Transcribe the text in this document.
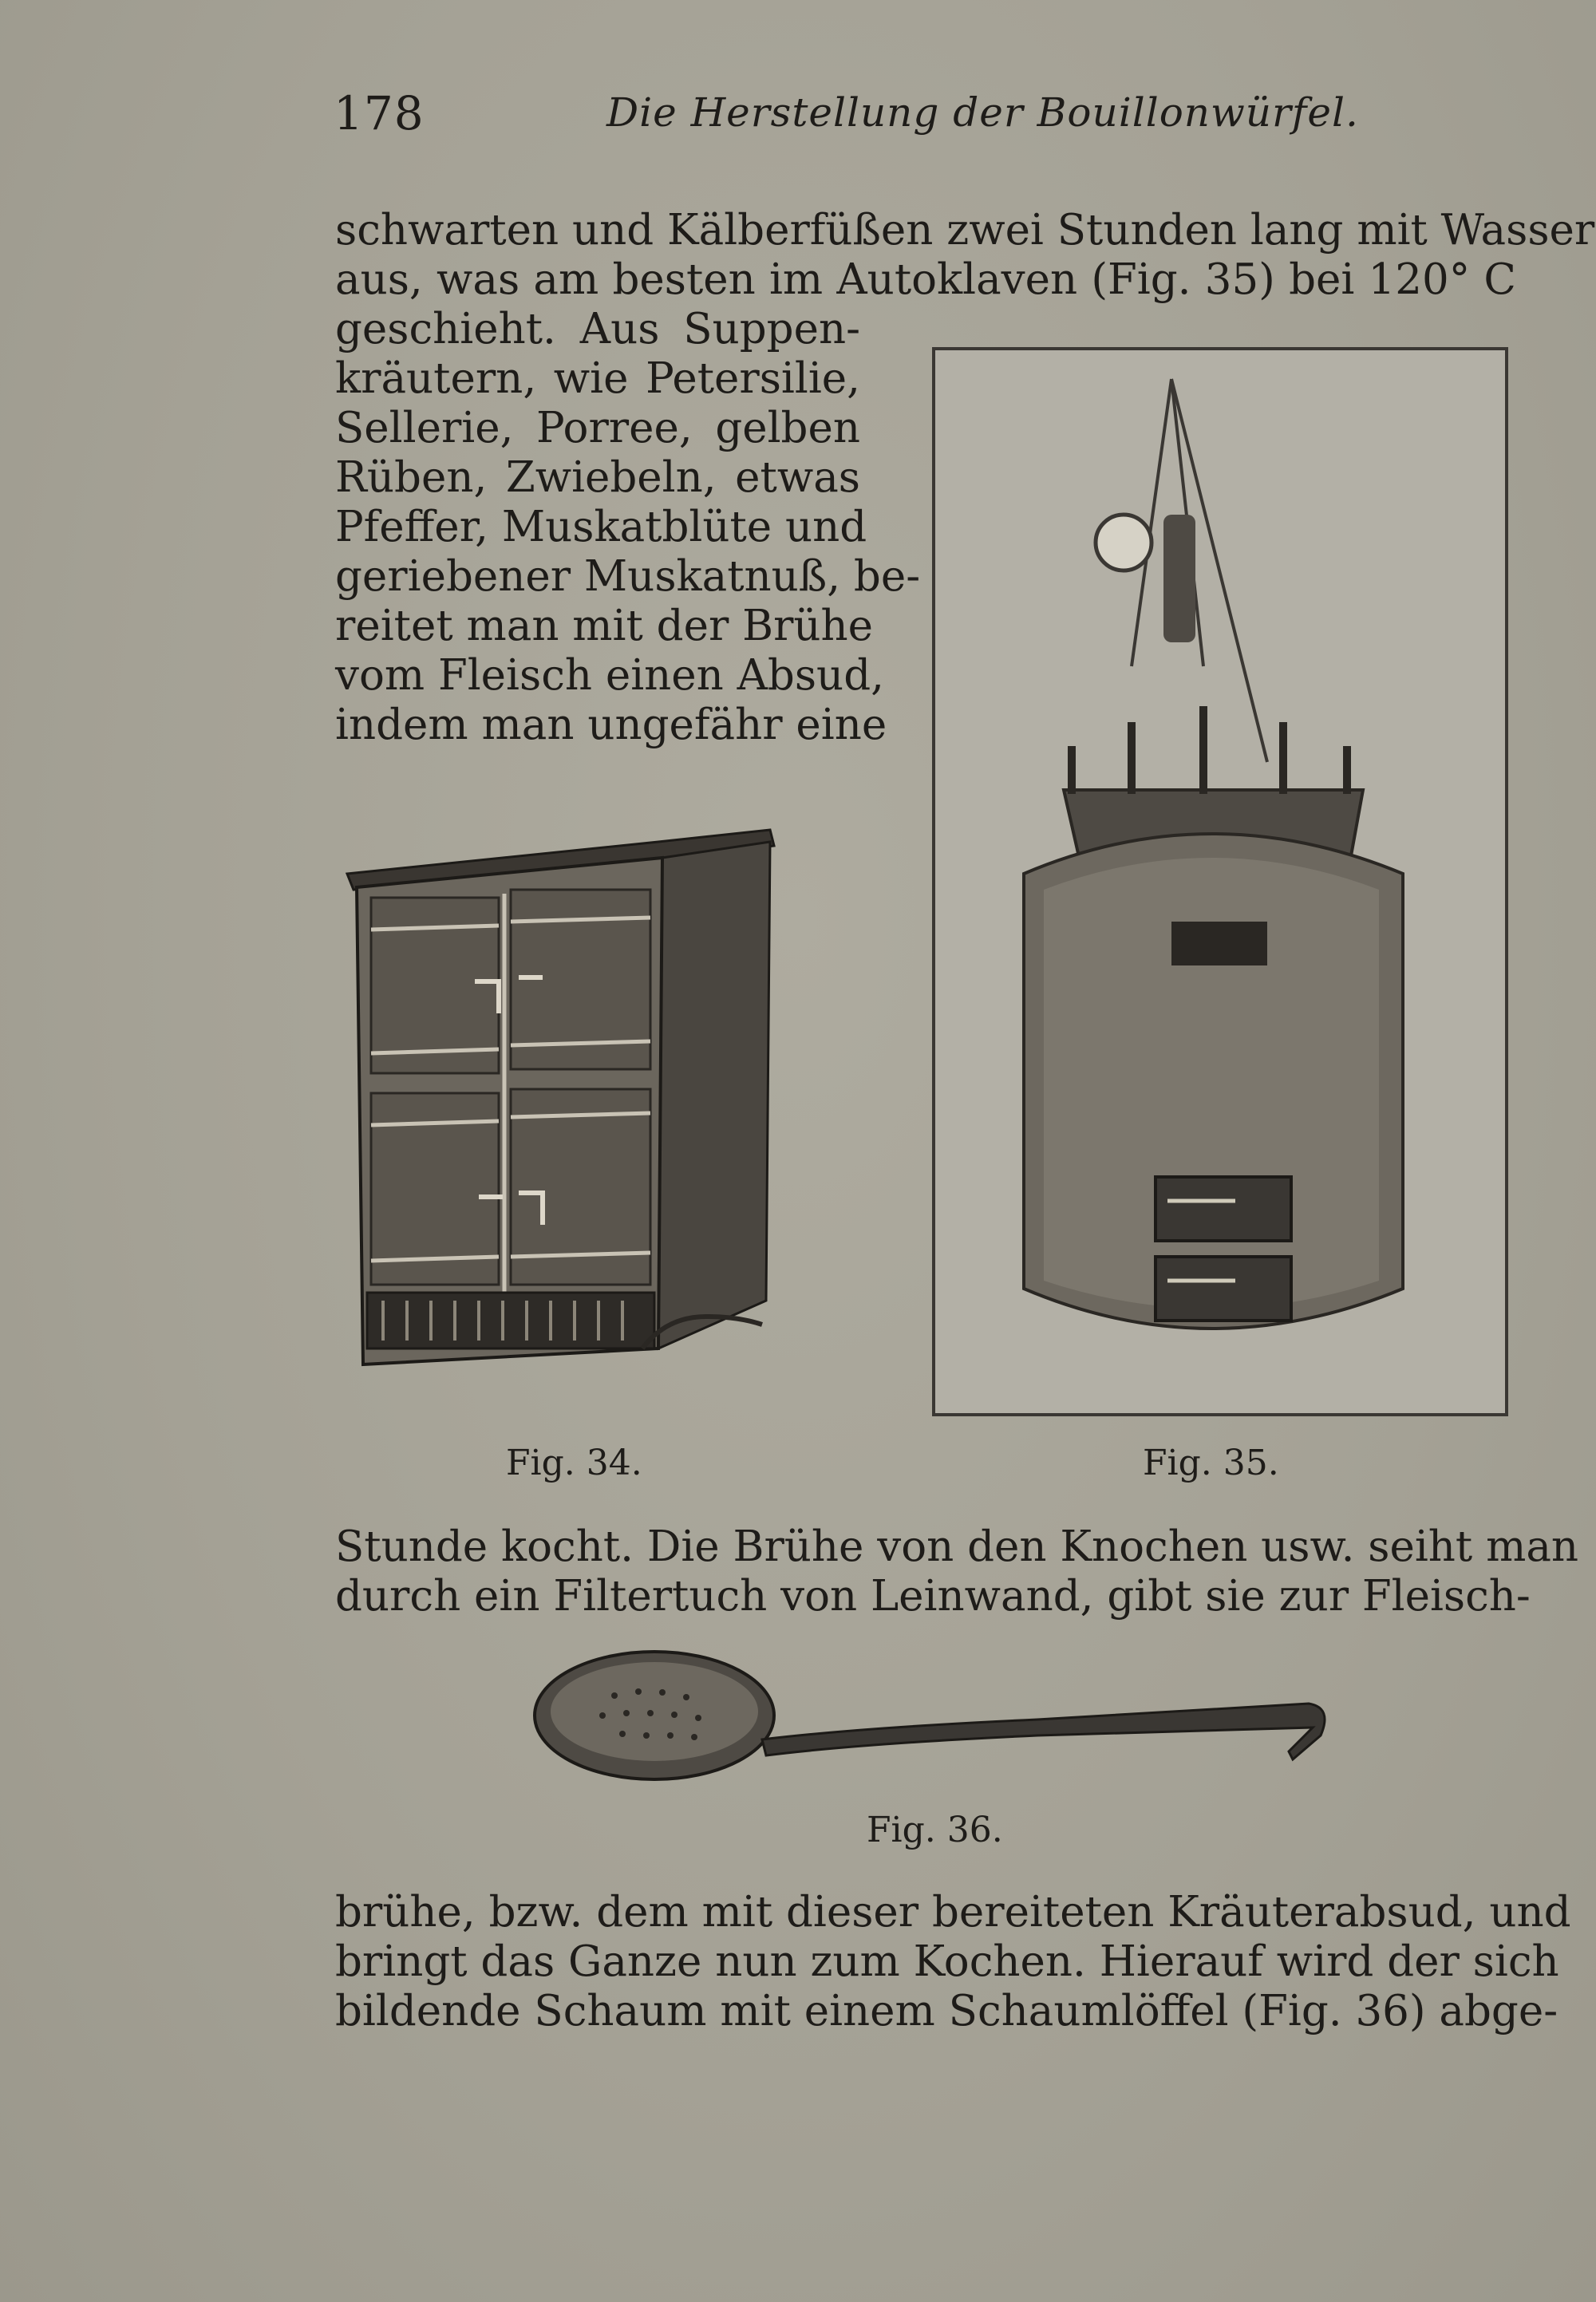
178	Die Herstellung der Bouillonwürfel.
schwarten und Kälberfüßen zwei Stunden lang mit Wasser
aus, was am besten im Autoklaven (Fig. 35) bei 120° C
geschieht. Aus Suppen-
kräutern, wie Petersilie,
Sellerie, Porree, gelben
Rüben, Zwiebeln, etwas
Pfeffer, Muskatblüte und
geriebener Muskatnuß, be-
reitet man mit der Brühe
vom Fleisch einen Absud,
indem man ungefähr eine
Fig. 34.	Fig. 35.
Stunde kocht. Die Brühe von den Knochen usw. seiht man
durch ein Filtertuch von Leinwand, gibt sie zur Fleisch-
Fig. 36.
brühe, bzw. dem mit dieser bereiteten Kräuterabsud, und
bringt das Ganze nun zum Kochen. Hierauf wird der sich
bildende Schaum mit einem Schaumlöffel (Fig. 36) abge-
